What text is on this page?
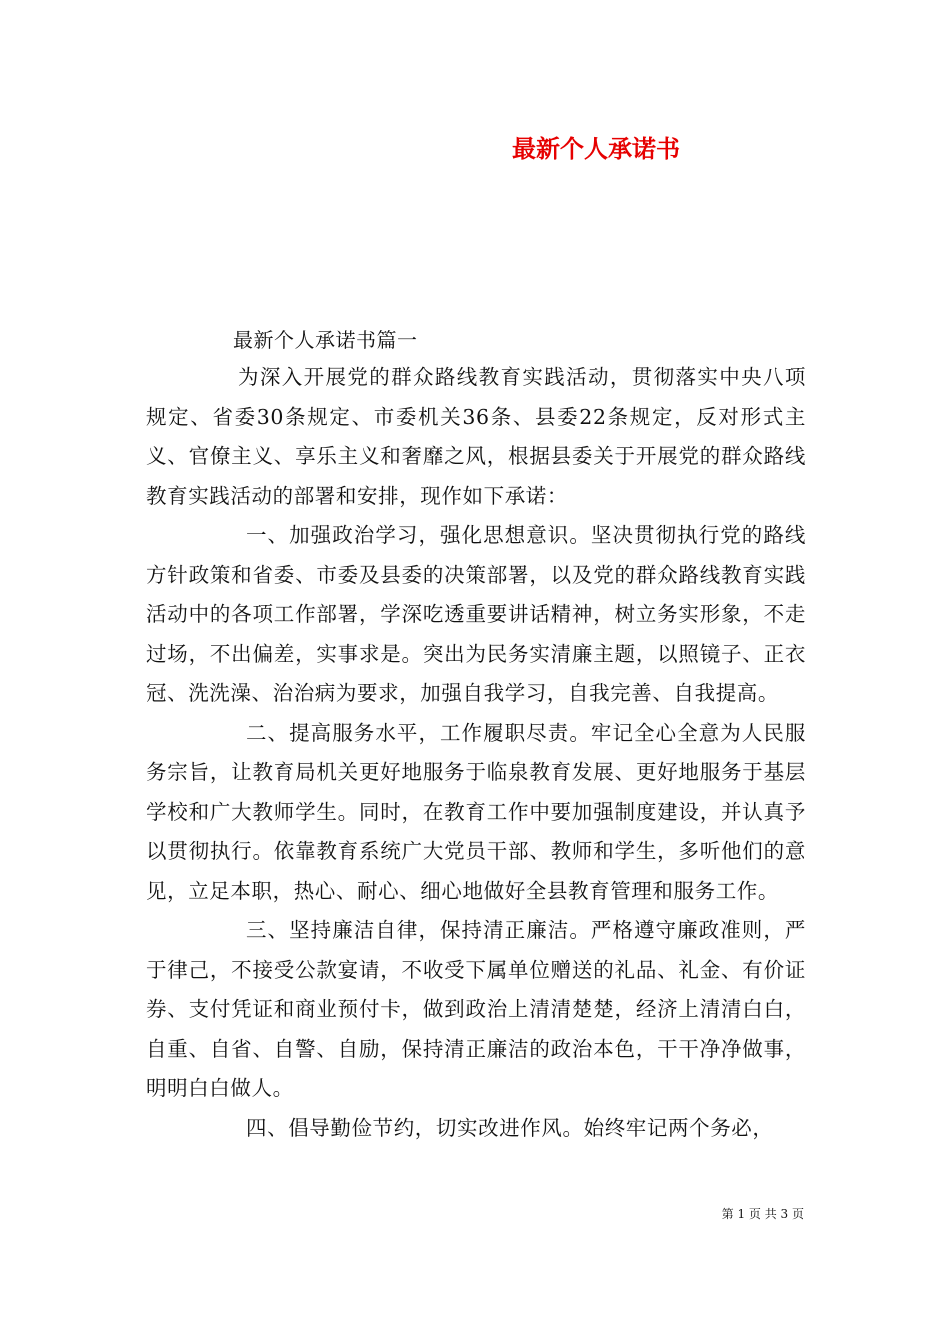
最新个人承诺书

最新个人承诺书篇一

为深入开展党的群众路线教育实践活动，贯彻落实中央八项规定、省委30条规定、市委机关36条、县委22条规定，反对形式主义、官僚主义、享乐主义和奢靡之风，根据县委关于开展党的群众路线教育实践活动的部署和安排，现作如下承诺：

一、加强政治学习，强化思想意识。坚决贯彻执行党的路线方针政策和省委、市委及县委的决策部署，以及党的群众路线教育实践活动中的各项工作部署，学深吃透重要讲话精神，树立务实形象，不走过场，不出偏差，实事求是。突出为民务实清廉主题，以照镜子、正衣冠、洗洗澡、治治病为要求，加强自我学习，自我完善、自我提高。

二、提高服务水平，工作履职尽责。牢记全心全意为人民服务宗旨，让教育局机关更好地服务于临泉教育发展、更好地服务于基层学校和广大教师学生。同时，在教育工作中要加强制度建设，并认真予以贯彻执行。依靠教育系统广大党员干部、教师和学生，多听他们的意见，立足本职，热心、耐心、细心地做好全县教育管理和服务工作。

三、坚持廉洁自律，保持清正廉洁。严格遵守廉政准则，严于律己，不接受公款宴请，不收受下属单位赠送的礼品、礼金、有价证券、支付凭证和商业预付卡，做到政治上清清楚楚，经济上清清白白，自重、自省、自警、自励，保持清正廉洁的政治本色，干干净净做事，明明白白做人。

四、倡导勤俭节约，切实改进作风。始终牢记两个务必，

第 1 页 共 3 页
